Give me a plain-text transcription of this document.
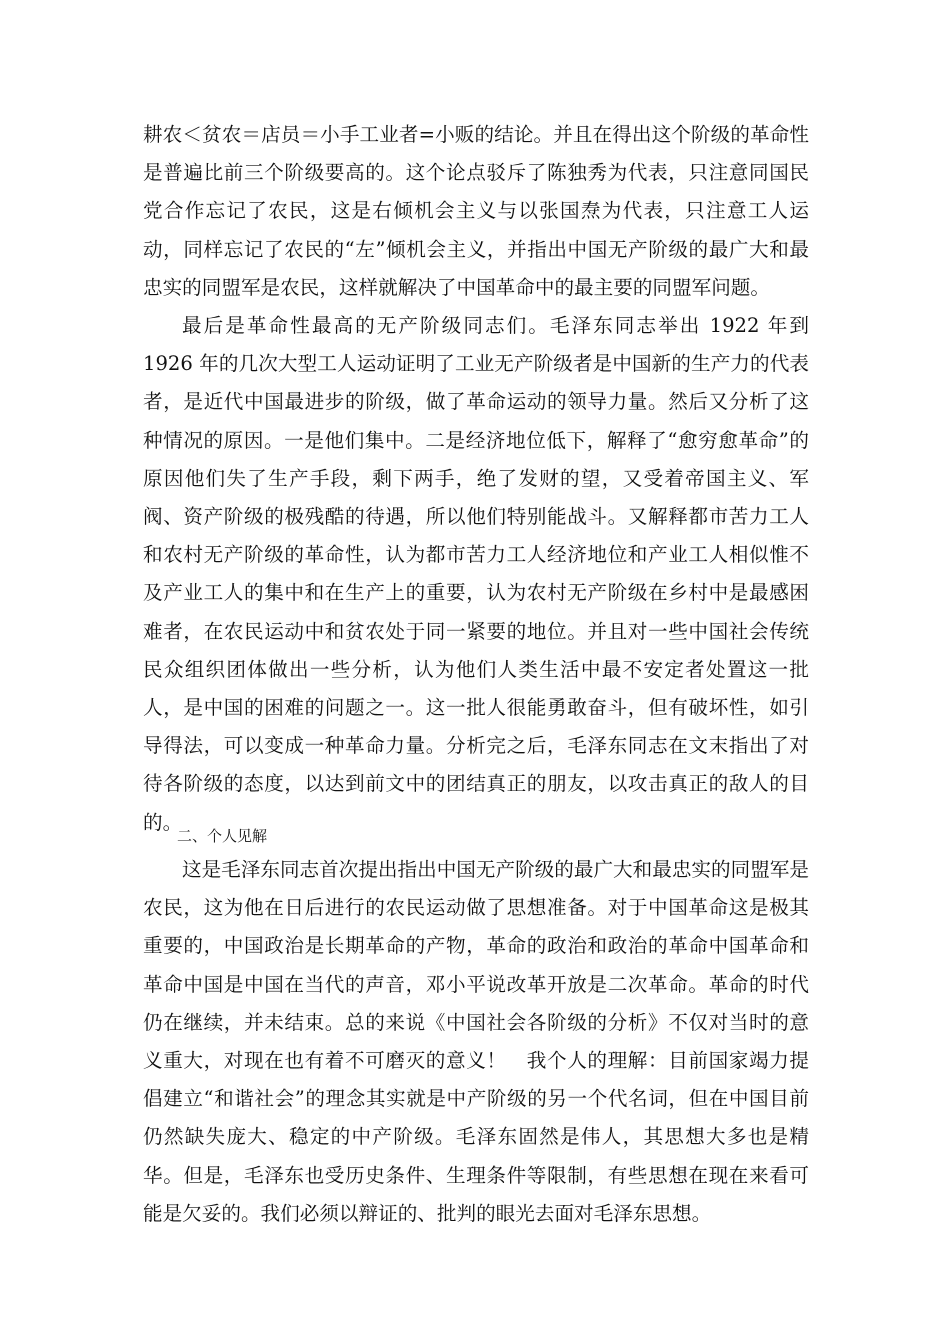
耕农＜贫农＝店员＝小手工业者=小贩的结论。并且在得出这个阶级的革命性是普遍比前三个阶级要高的。这个论点驳斥了陈独秀为代表，只注意同国民党合作忘记了农民，这是右倾机会主义与以张国焘为代表，只注意工人运动，同样忘记了农民的“左”倾机会主义，并指出中国无产阶级的最广大和最忠实的同盟军是农民，这样就解决了中国革命中的最主要的同盟军问题。

最后是革命性最高的无产阶级同志们。毛泽东同志举出 1922 年到 1926 年的几次大型工人运动证明了工业无产阶级者是中国新的生产力的代表者，是近代中国最进步的阶级，做了革命运动的领导力量。然后又分析了这种情况的原因。一是他们集中。二是经济地位低下，解释了“愈穷愈革命”的原因他们失了生产手段，剩下两手，绝了发财的望，又受着帝国主义、军阀、资产阶级的极残酷的待遇，所以他们特别能战斗。又解释都市苦力工人和农村无产阶级的革命性，认为都市苦力工人经济地位和产业工人相似惟不及产业工人的集中和在生产上的重要，认为农村无产阶级在乡村中是最感困难者，在农民运动中和贫农处于同一紧要的地位。并且对一些中国社会传统民众组织团体做出一些分析，认为他们人类生活中最不安定者处置这一批人，是中国的困难的问题之一。这一批人很能勇敢奋斗，但有破坏性，如引导得法，可以变成一种革命力量。分析完之后，毛泽东同志在文末指出了对待各阶级的态度，以达到前文中的团结真正的朋友，以攻击真正的敌人的目的。

二、个人见解

这是毛泽东同志首次提出指出中国无产阶级的最广大和最忠实的同盟军是农民，这为他在日后进行的农民运动做了思想准备。对于中国革命这是极其重要的，中国政治是长期革命的产物，革命的政治和政治的革命中国革命和革命中国是中国在当代的声音，邓小平说改革开放是二次革命。革命的时代仍在继续，并未结束。总的来说《中国社会各阶级的分析》不仅对当时的意义重大，对现在也有着不可磨灭的意义！　我个人的理解：目前国家竭力提倡建立“和谐社会”的理念其实就是中产阶级的另一个代名词，但在中国目前仍然缺失庞大、稳定的中产阶级。毛泽东固然是伟人，其思想大多也是精华。但是，毛泽东也受历史条件、生理条件等限制，有些思想在现在来看可能是欠妥的。我们必须以辩证的、批判的眼光去面对毛泽东思想。
